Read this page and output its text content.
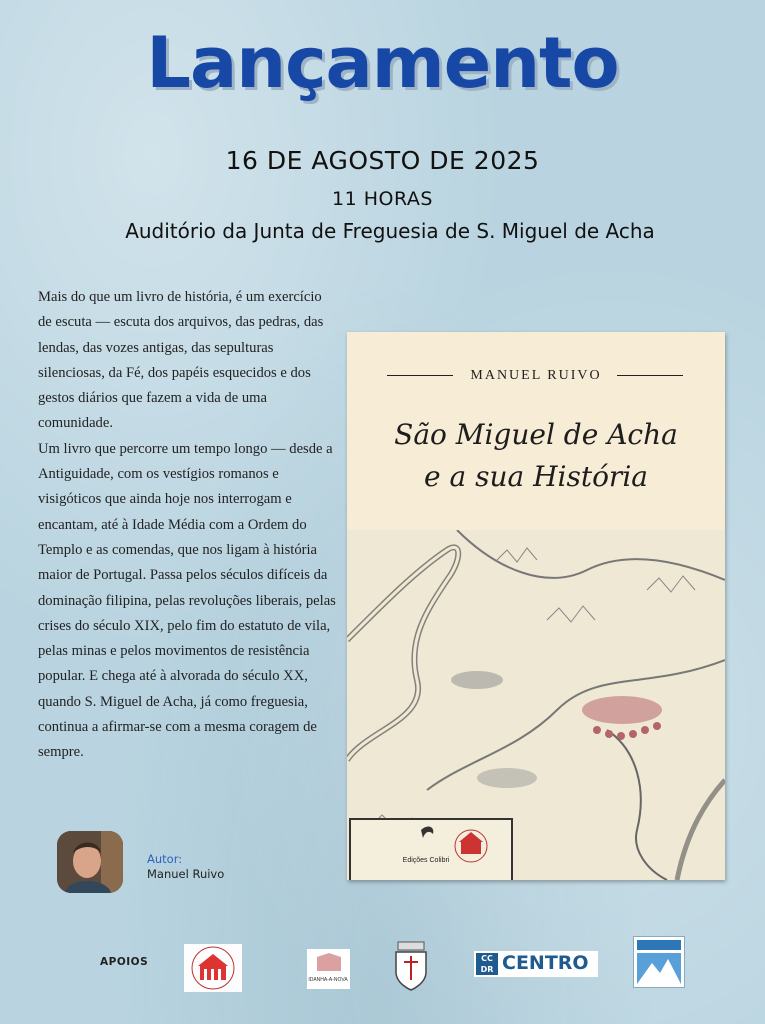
Lançamento
16 DE AGOSTO DE 2025
11 HORAS
Auditório da Junta de Freguesia de S. Miguel de Acha

Mais do que um livro de história, é um exercício de escuta — escuta dos arquivos, das pedras, das lendas, das vozes antigas, das sepulturas silenciosas, da Fé, dos papéis esquecidos e dos gestos diários que fazem a vida de uma comunidade.

Um livro que percorre um tempo longo — desde a Antiguidade, com os vestígios romanos e visigóticos que ainda hoje nos interrogam e encantam, até à Idade Média com a Ordem do Templo e as comendas, que nos ligam à história maior de Portugal. Passa pelos séculos difíceis da dominação filipina, pelas revoluções liberais, pelas crises do século XIX, pelo fim do estatuto de vila, pelas minas e pelos movimentos de resistência popular. E chega até à alvorada do século XX, quando S. Miguel de Acha, já como freguesia, continua a afirmar-se com a mesma coragem de sempre.

MANUEL RUIVO
São Miguel de Acha
e a sua História
Edições Colibri
Autor:
Manuel Ruivo
APOIOS
IDANHA-A-NOVA
CC DR CENTRO
